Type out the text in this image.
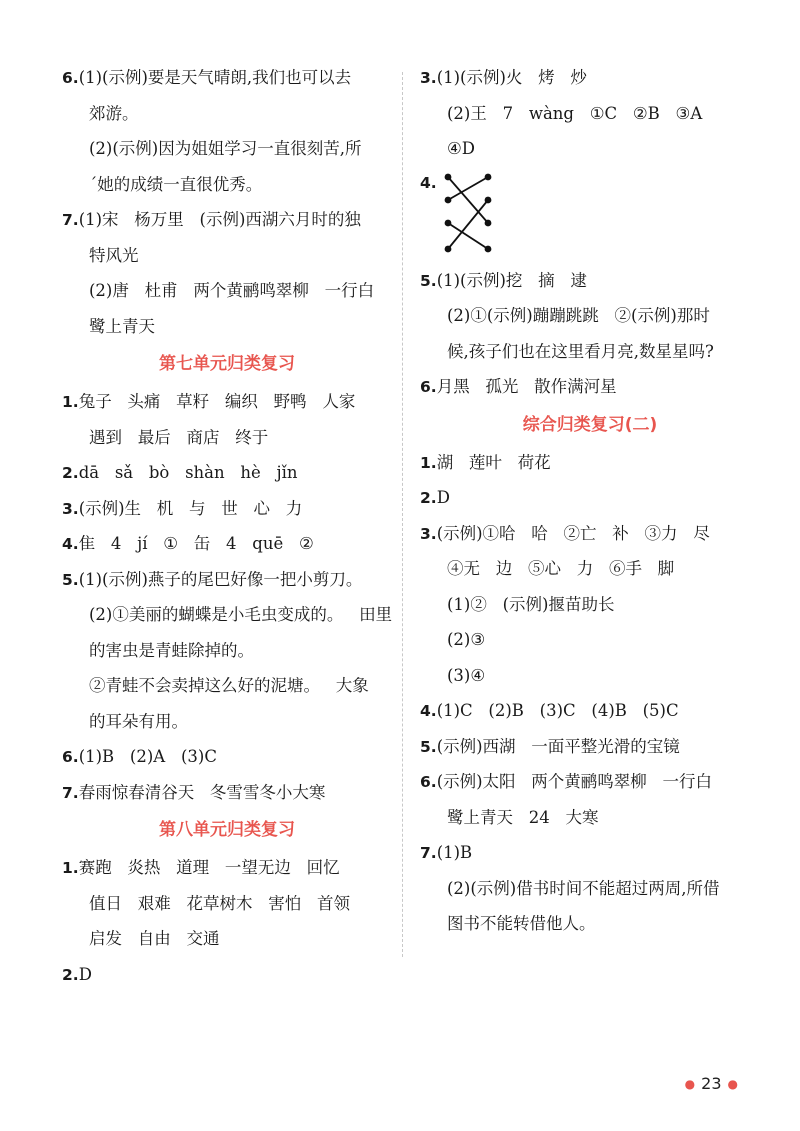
6.(1)(示例)要是天气晴朗,我们也可以去
郊游。
(2)(示例)因为姐姐学习一直很刻苦,所
ˊ她的成绩一直很优秀。
7.(1)宋   杨万里   (示例)西湖六月时的独
特风光
(2)唐   杜甫   两个黄鹂鸣翠柳   一行白
鹭上青天
第七单元归类复习
1.兔子   头痛   草籽   编织   野鸭   人家
遇到   最后   商店   终于
2.dā   sǎ   bò   shàn   hè   jǐn
3.(示例)生   机   与   世   心   力
4.隹   4   jí   ①   缶   4   quē   ②
5.(1)(示例)燕子的尾巴好像一把小剪刀。
(2)①美丽的蝴蝶是小毛虫变成的。   田里
的害虫是青蛙除掉的。
②青蛙不会卖掉这么好的泥塘。   大象
的耳朵有用。
6.(1)B   (2)A   (3)C
7.春雨惊春清谷天   冬雪雪冬小大寒
第八单元归类复习
1.赛跑   炎热   道理   一望无边   回忆
值日   艰难   花草树木   害怕   首领
启发   自由   交通
2.D
3.(1)(示例)火   烤   炒
(2)王   7   wàng   ①C   ②B   ③A
④D
4.
5.(1)(示例)挖   摘   逮
(2)①(示例)蹦蹦跳跳   ②(示例)那时
候,孩子们也在这里看月亮,数星星吗?
6.月黑   孤光   散作满河星
综合归类复习(二)
1.湖   莲叶   荷花
2.D
3.(示例)①哈   哈   ②亡   补   ③力   尽
④无   边   ⑤心   力   ⑥手   脚
(1)②   (示例)揠苗助长
(2)③
(3)④
4.(1)C   (2)B   (3)C   (4)B   (5)C
5.(示例)西湖   一面平整光滑的宝镜
6.(示例)太阳   两个黄鹂鸣翠柳   一行白
鹭上青天   24   大寒
7.(1)B
(2)(示例)借书时间不能超过两周,所借
图书不能转借他人。
● 23 ●
